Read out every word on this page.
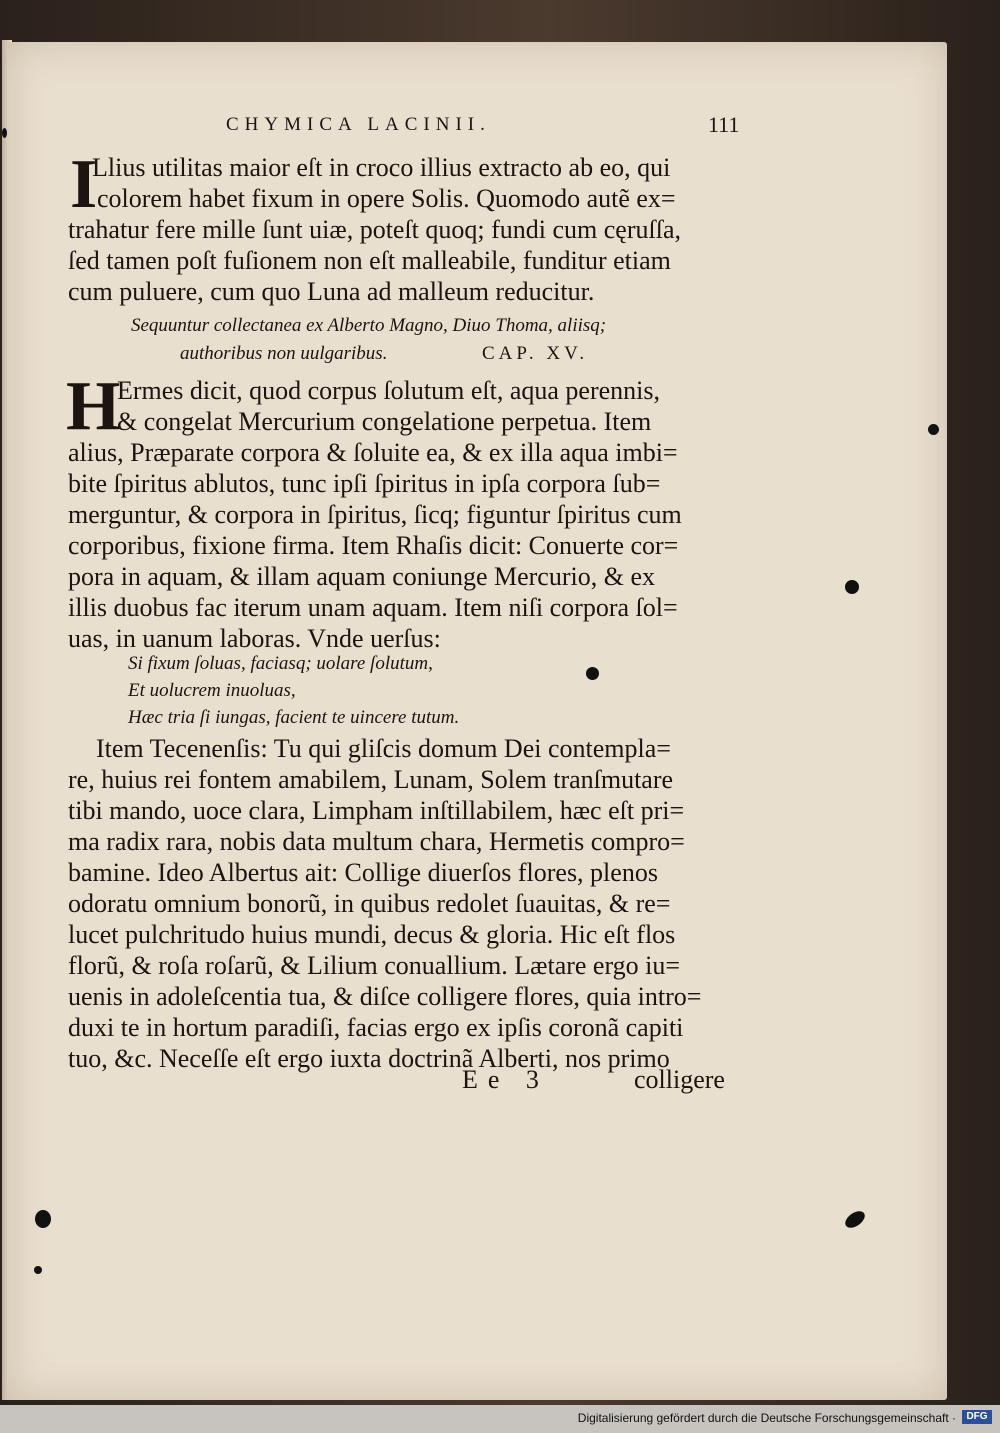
CHYMICA LACINII.	111
I
Llius utilitas maior eſt in croco illius extracto ab eo, qui
colorem habet fixum in opere Solis. Quomodo autẽ ex=
trahatur fere mille ſunt uiæ, poteſt quoq; fundi cum cęruſſa,
ſed tamen poſt fuſionem non eſt malleabile, funditur etiam
cum puluere, cum quo Luna ad malleum reducitur.
Sequuntur collectanea ex Alberto Magno, Diuo Thoma, aliisq;
authoribus non uulgaribus.	CAP. XV.
H
Ermes dicit, quod corpus ſolutum eſt, aqua perennis,
& congelat Mercurium congelatione perpetua. Item
alius, Præparate corpora & ſoluite ea, & ex illa aqua imbi=
bite ſpiritus ablutos, tunc ipſi ſpiritus in ipſa corpora ſub=
merguntur, & corpora in ſpiritus, ſicq; figuntur ſpiritus cum
corporibus, fixione firma. Item Rhaſis dicit: Conuerte cor=
pora in aquam, & illam aquam coniunge Mercurio, & ex
illis duobus fac iterum unam aquam. Item niſi corpora ſol=
uas, in uanum laboras. Vnde uerſus:
Si fixum ſoluas, faciasq; uolare ſolutum,
Et uolucrem inuoluas,
Hæc tria ſi iungas, facient te uincere tutum.
Item Tecenenſis: Tu qui gliſcis domum Dei contempla=
re, huius rei fontem amabilem, Lunam, Solem tranſmutare
tibi mando, uoce clara, Limpham inſtillabilem, hæc eſt pri=
ma radix rara, nobis data multum chara, Hermetis compro=
bamine. Ideo Albertus ait: Collige diuerſos flores, plenos
odoratu omnium bonorũ, in quibus redolet ſuauitas, & re=
lucet pulchritudo huius mundi, decus & gloria. Hic eſt flos
florũ, & roſa roſarũ, & Lilium conuallium. Lætare ergo iu=
uenis in adoleſcentia tua, & diſce colligere flores, quia intro=
duxi te in hortum paradiſi, facias ergo ex ipſis coronã capiti
tuo, &c. Neceſſe eſt ergo iuxta doctrinã Alberti, nos primo
Ee 3	colligere
Digitalisierung gefördert durch die Deutsche Forschungsgemeinschaft ·	DFG
